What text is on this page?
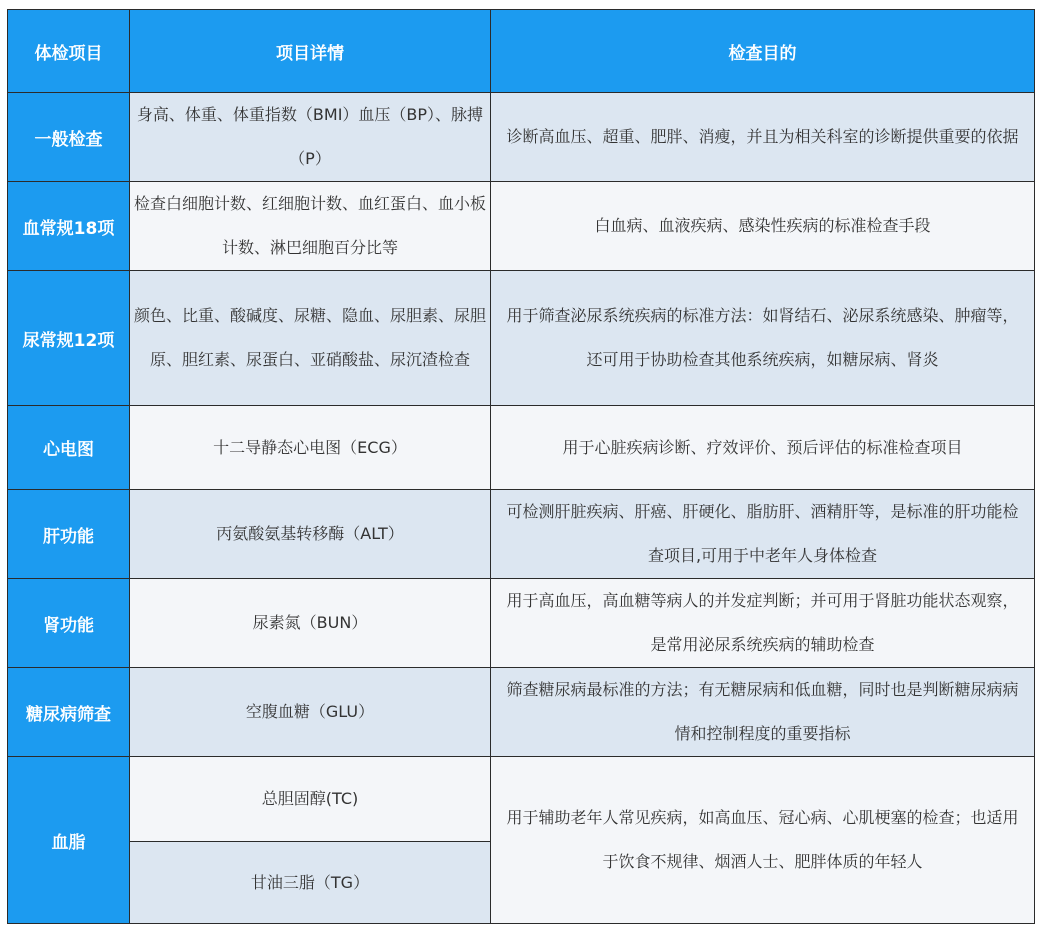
体检项目	项目详情	检查目的
一般检查	身高、体重、体重指数（BMI）血压（BP）、脉搏（P）	诊断高血压、超重、肥胖、消瘦，并且为相关科室的诊断提供重要的依据
血常规18项	检查白细胞计数、红细胞计数、血红蛋白、血小板计数、淋巴细胞百分比等	白血病、血液疾病、感染性疾病的标准检查手段
尿常规12项	颜色、比重、酸碱度、尿糖、隐血、尿胆素、尿胆原、胆红素、尿蛋白、亚硝酸盐、尿沉渣检查	用于筛查泌尿系统疾病的标准方法：如肾结石、泌尿系统感染、肿瘤等，还可用于协助检查其他系统疾病，如糖尿病、肾炎
心电图	十二导静态心电图（ECG）	用于心脏疾病诊断、疗效评价、预后评估的标准检查项目
肝功能	丙氨酸氨基转移酶（ALT）	可检测肝脏疾病、肝癌、肝硬化、脂肪肝、酒精肝等，是标准的肝功能检查项目,可用于中老年人身体检查
肾功能	尿素氮（BUN）	用于高血压，高血糖等病人的并发症判断；并可用于肾脏功能状态观察，是常用泌尿系统疾病的辅助检查
糖尿病筛查	空腹血糖（GLU）	筛查糖尿病最标准的方法；有无糖尿病和低血糖，同时也是判断糖尿病病情和控制程度的重要指标
血脂	总胆固醇(TC)	用于辅助老年人常见疾病，如高血压、冠心病、心肌梗塞的检查；也适用于饮食不规律、烟酒人士、肥胖体质的年轻人
	甘油三脂（TG）	
